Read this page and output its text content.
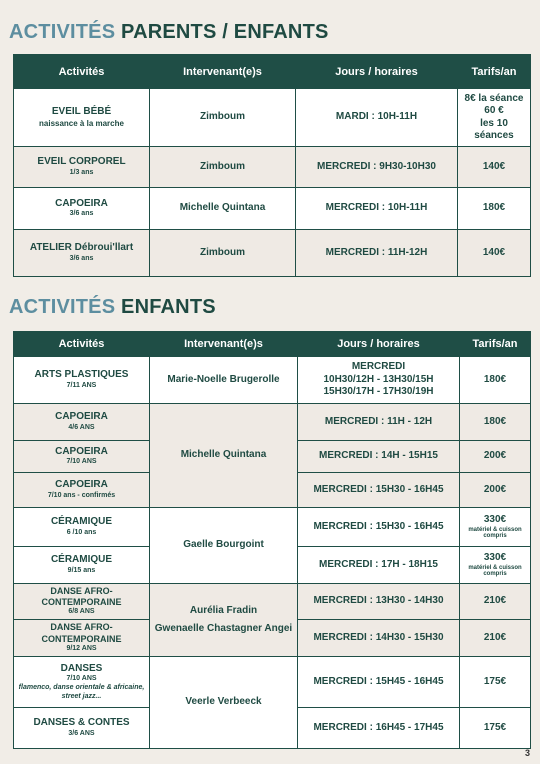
ACTIVITÉS PARENTS / ENFANTS
Activités	Intervenant(e)s	Jours / horaires	Tarifs/an

EVEIL BÉBÉ
naissance à la marche	Zimboum	MARDI : 10H-11H	8€ la séance
60 €
les 10 séances

EVEIL CORPOREL
1/3 ans	Zimboum	MERCREDI : 9H30-10H30	140€

CAPOEIRA
3/6 ans	Michelle Quintana	MERCREDI : 10H-11H	180€

ATELIER Débroui'llart
3/6 ans	Zimboum	MERCREDI : 11H-12H	140€
ACTIVITÉS ENFANTS
Activités	Intervenant(e)s	Jours / horaires	Tarifs/an

ARTS PLASTIQUES
7/11 ANS	Marie-Noelle Brugerolle	MERCREDI
10H30/12H - 13H30/15H
15H30/17H - 17H30/19H	180€

CAPOEIRA
4/6 ANS	Michelle Quintana	MERCREDI : 11H - 12H	180€

CAPOEIRA
7/10 ANS		MERCREDI : 14H - 15H15	200€

CAPOEIRA
7/10 ans - confirmés		MERCREDI : 15H30 - 16H45	200€

CÉRAMIQUE
6 /10 ans	Gaelle Bourgoint	MERCREDI : 15H30 - 16H45	330€
matériel & cuisson compris

CÉRAMIQUE
9/15 ans		MERCREDI : 17H - 18H15	330€
matériel & cuisson compris

DANSE AFRO-CONTEMPORAINE
6/8 ANS	Aurélia Fradin
Gwenaelle Chastagner Angei	MERCREDI : 13H30 - 14H30	210€

DANSE AFRO-CONTEMPORAINE
9/12 ANS		MERCREDI : 14H30 - 15H30	210€

DANSES
7/10 ANS
flamenco, danse orientale & africaine,
street jazz...	Veerle Verbeeck	MERCREDI : 15H45 - 16H45	175€

DANSES & CONTES
3/6 ANS		MERCREDI : 16H45 - 17H45	175€
3
